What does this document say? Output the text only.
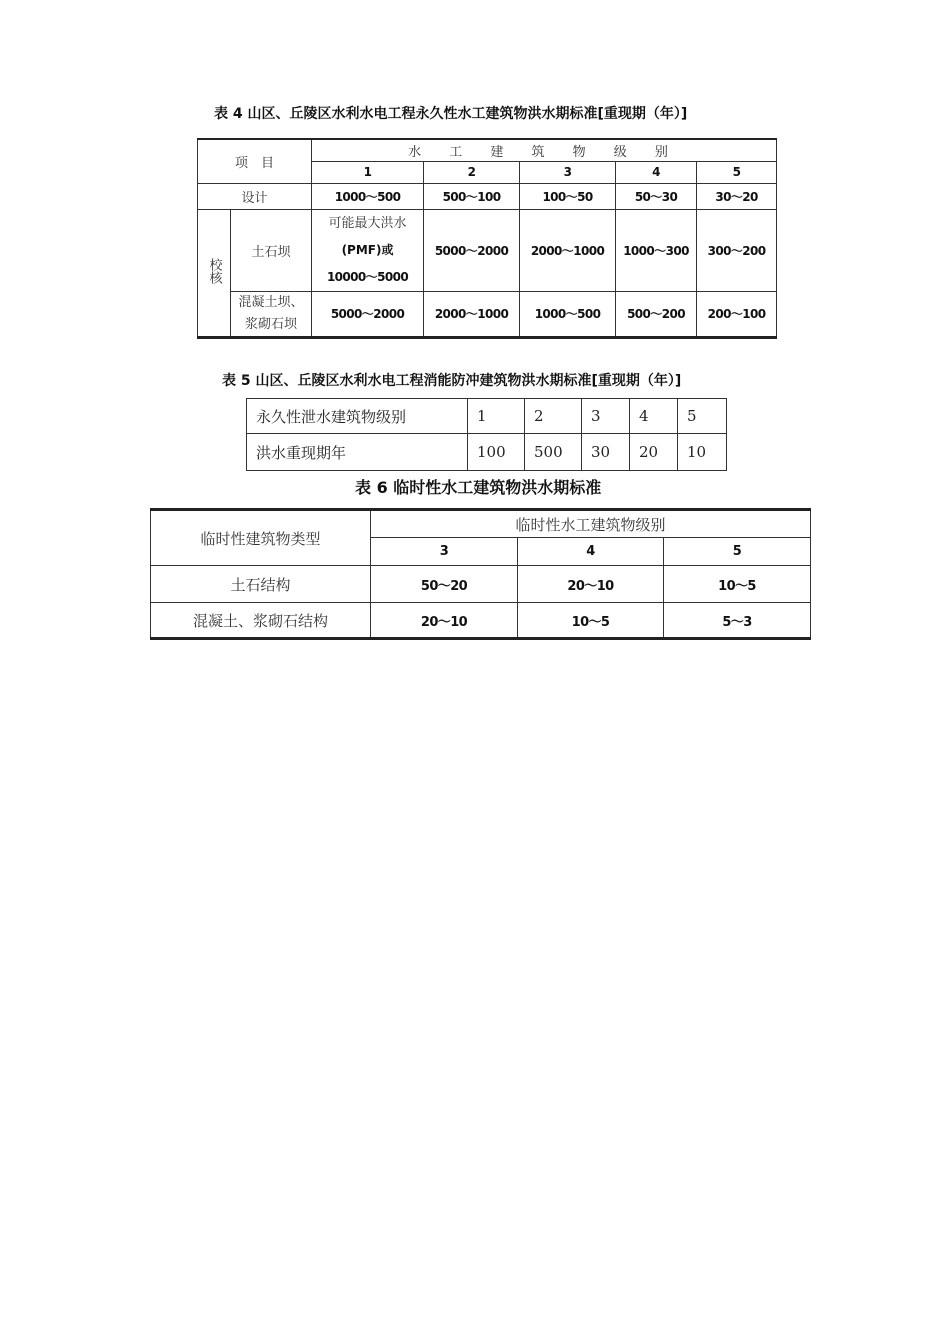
表 4 山区、丘陵区水利水电工程永久性水工建筑物洪水期标准[重现期（年）]
项　目		水 工 建 筑 物 级 别				
		1	2	3	4	5
设计		1000～500	500～100	100～50	50～30	30～20
校核	土石坝	可能最大洪水
(PMF)或
10000～5000	5000～2000	2000～1000	1000～300	300～200

	混凝土坝、
浆砌石坝	5000～2000	2000～1000	1000～500	500～200	200～100
表 5 山区、丘陵区水利水电工程消能防冲建筑物洪水期标准[重现期（年）]
永久性泄水建筑物级别	1	2	3	4	5
洪水重现期年	100	500	30	20	10
表 6 临时性水工建筑物洪水期标准
临时性建筑物类型	临时性水工建筑物级别		
	3	4	5
土石结构	50～20	20～10	10～5
混凝土、浆砌石结构	20～10	10～5	5～3
